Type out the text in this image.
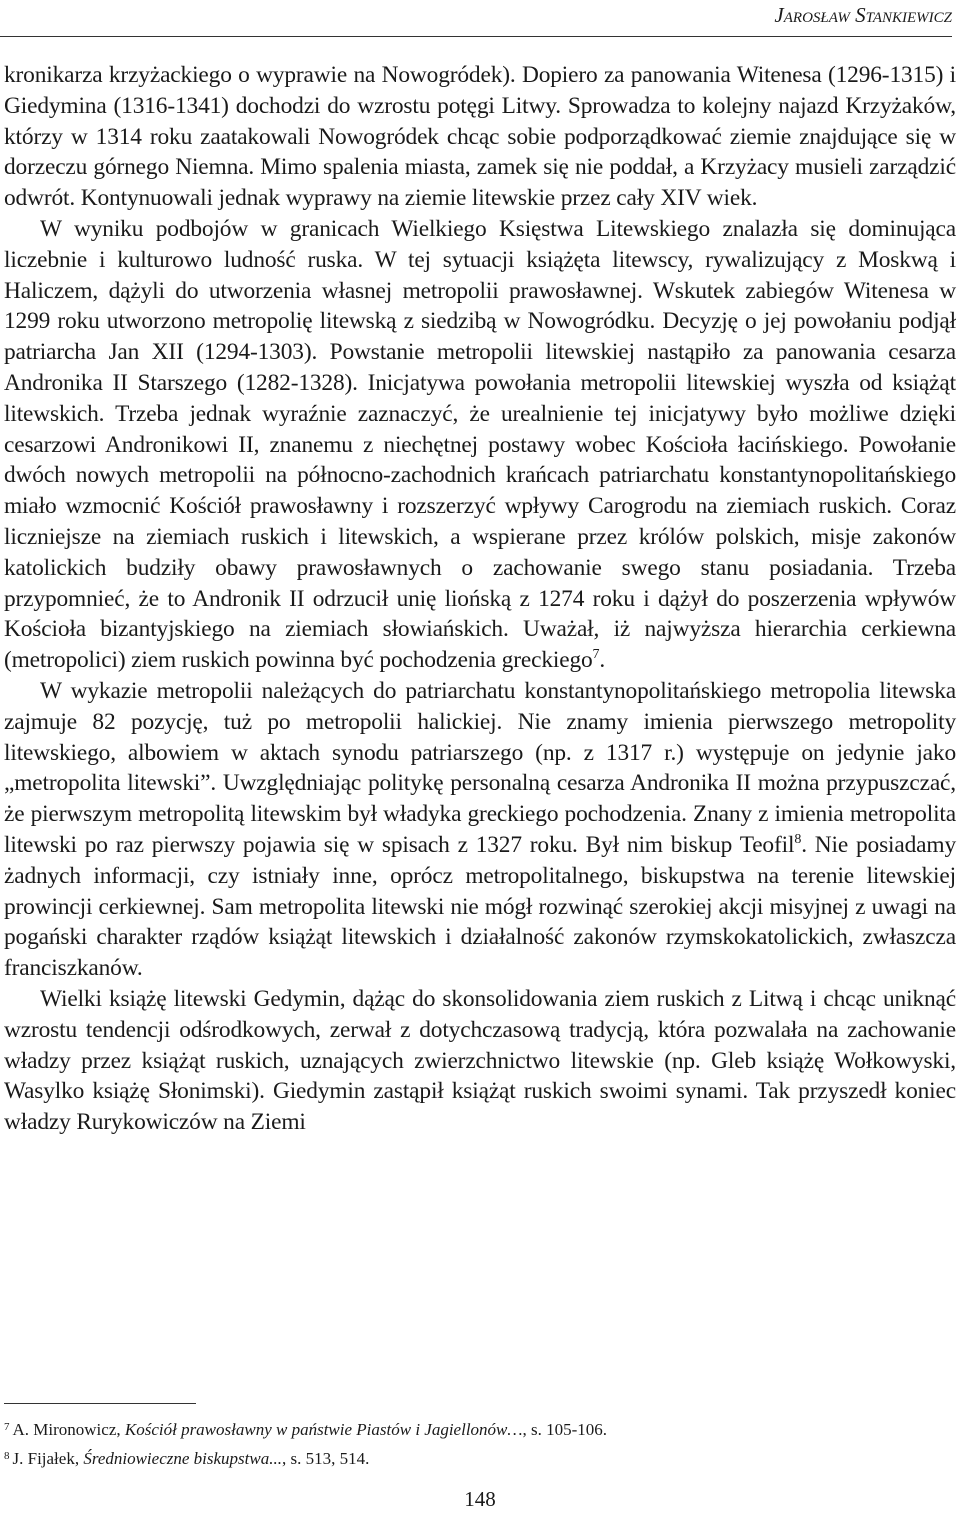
Jarosław Stankiewicz

kronikarza krzyżackiego o wyprawie na Nowogródek). Dopiero za panowania Witenesa (1296-1315) i Giedymina (1316-1341) dochodzi do wzrostu potęgi Litwy. Sprowadza to kolejny najazd Krzyżaków, którzy w 1314 roku zaatakowali Nowogródek chcąc sobie podporządkować ziemie znajdujące się w dorzeczu górnego Niemna. Mimo spalenia miasta, zamek się nie poddał, a Krzyżacy musieli zarządzić odwrót. Kontynuowali jednak wyprawy na ziemie litewskie przez cały XIV wiek.

W wyniku podbojów w granicach Wielkiego Księstwa Litewskiego znalazła się dominująca liczebnie i kulturowo ludność ruska. W tej sytuacji książęta litewscy, rywalizujący z Moskwą i Haliczem, dążyli do utworzenia własnej metropolii prawosławnej. Wskutek zabiegów Witenesa w 1299 roku utworzono metropolię litewską z siedzibą w Nowogródku. Decyzję o jej powołaniu podjął patriarcha Jan XII (1294-1303). Powstanie metropolii litewskiej nastąpiło za panowania cesarza Andronika II Starszego (1282-1328). Inicjatywa powołania metropolii litewskiej wyszła od książąt litewskich. Trzeba jednak wyraźnie zaznaczyć, że urealnienie tej inicjatywy było możliwe dzięki cesarzowi Andronikowi II, znanemu z niechętnej postawy wobec Kościoła łacińskiego. Powołanie dwóch nowych metropolii na północno-zachodnich krańcach patriarchatu konstantynopolitańskiego miało wzmocnić Kościół prawosławny i rozszerzyć wpływy Carogrodu na ziemiach ruskich. Coraz liczniejsze na ziemiach ruskich i litewskich, a wspierane przez królów polskich, misje zakonów katolickich budziły obawy prawosławnych o zachowanie swego stanu posiadania. Trzeba przypomnieć, że to Andronik II odrzucił unię liońską z 1274 roku i dążył do poszerzenia wpływów Kościoła bizantyjskiego na ziemiach słowiańskich. Uważał, iż najwyższa hierarchia cerkiewna (metropolici) ziem ruskich powinna być pochodzenia greckiego$^7$.

W wykazie metropolii należących do patriarchatu konstantynopolitańskiego metropolia litewska zajmuje 82 pozycję, tuż po metropolii halickiej. Nie znamy imienia pierwszego metropolity litewskiego, albowiem w aktach synodu patriarszego (np. z 1317 r.) występuje on jedynie jako „metropolita litewski”. Uwzględniając politykę personalną cesarza Andronika II można przypuszczać, że pierwszym metropolitą litewskim był władyka greckiego pochodzenia. Znany z imienia metropolita litewski po raz pierwszy pojawia się w spisach z 1327 roku. Był nim biskup Teofil$^8$. Nie posiadamy żadnych informacji, czy istniały inne, oprócz metropolitalnego, biskupstwa na terenie litewskiej prowincji cerkiewnej. Sam metropolita litewski nie mógł rozwinąć szerokiej akcji misyjnej z uwagi na pogański charakter rządów książąt litewskich i działalność zakonów rzymskokatolickich, zwłaszcza franciszkanów.

Wielki książę litewski Gedymin, dążąc do skonsolidowania ziem ruskich z Litwą i chcąc uniknąć wzrostu tendencji odśrodkowych, zerwał z dotychczasową tradycją, która pozwalała na zachowanie władzy przez książąt ruskich, uznających zwierzchnictwo litewskie (np. Gleb książę Wołkowyski, Wasylko książę Słonimski). Giedymin zastąpił książąt ruskich swoimi synami. Tak przyszedł koniec władzy Rurykowiczów na Ziemi

$^7$ A. Mironowicz, Kościół prawosławny w państwie Piastów i Jagiellonów…, s. 105-106.

$^8$ J. Fijałek, Średniowieczne biskupstwa..., s. 513, 514.

148
